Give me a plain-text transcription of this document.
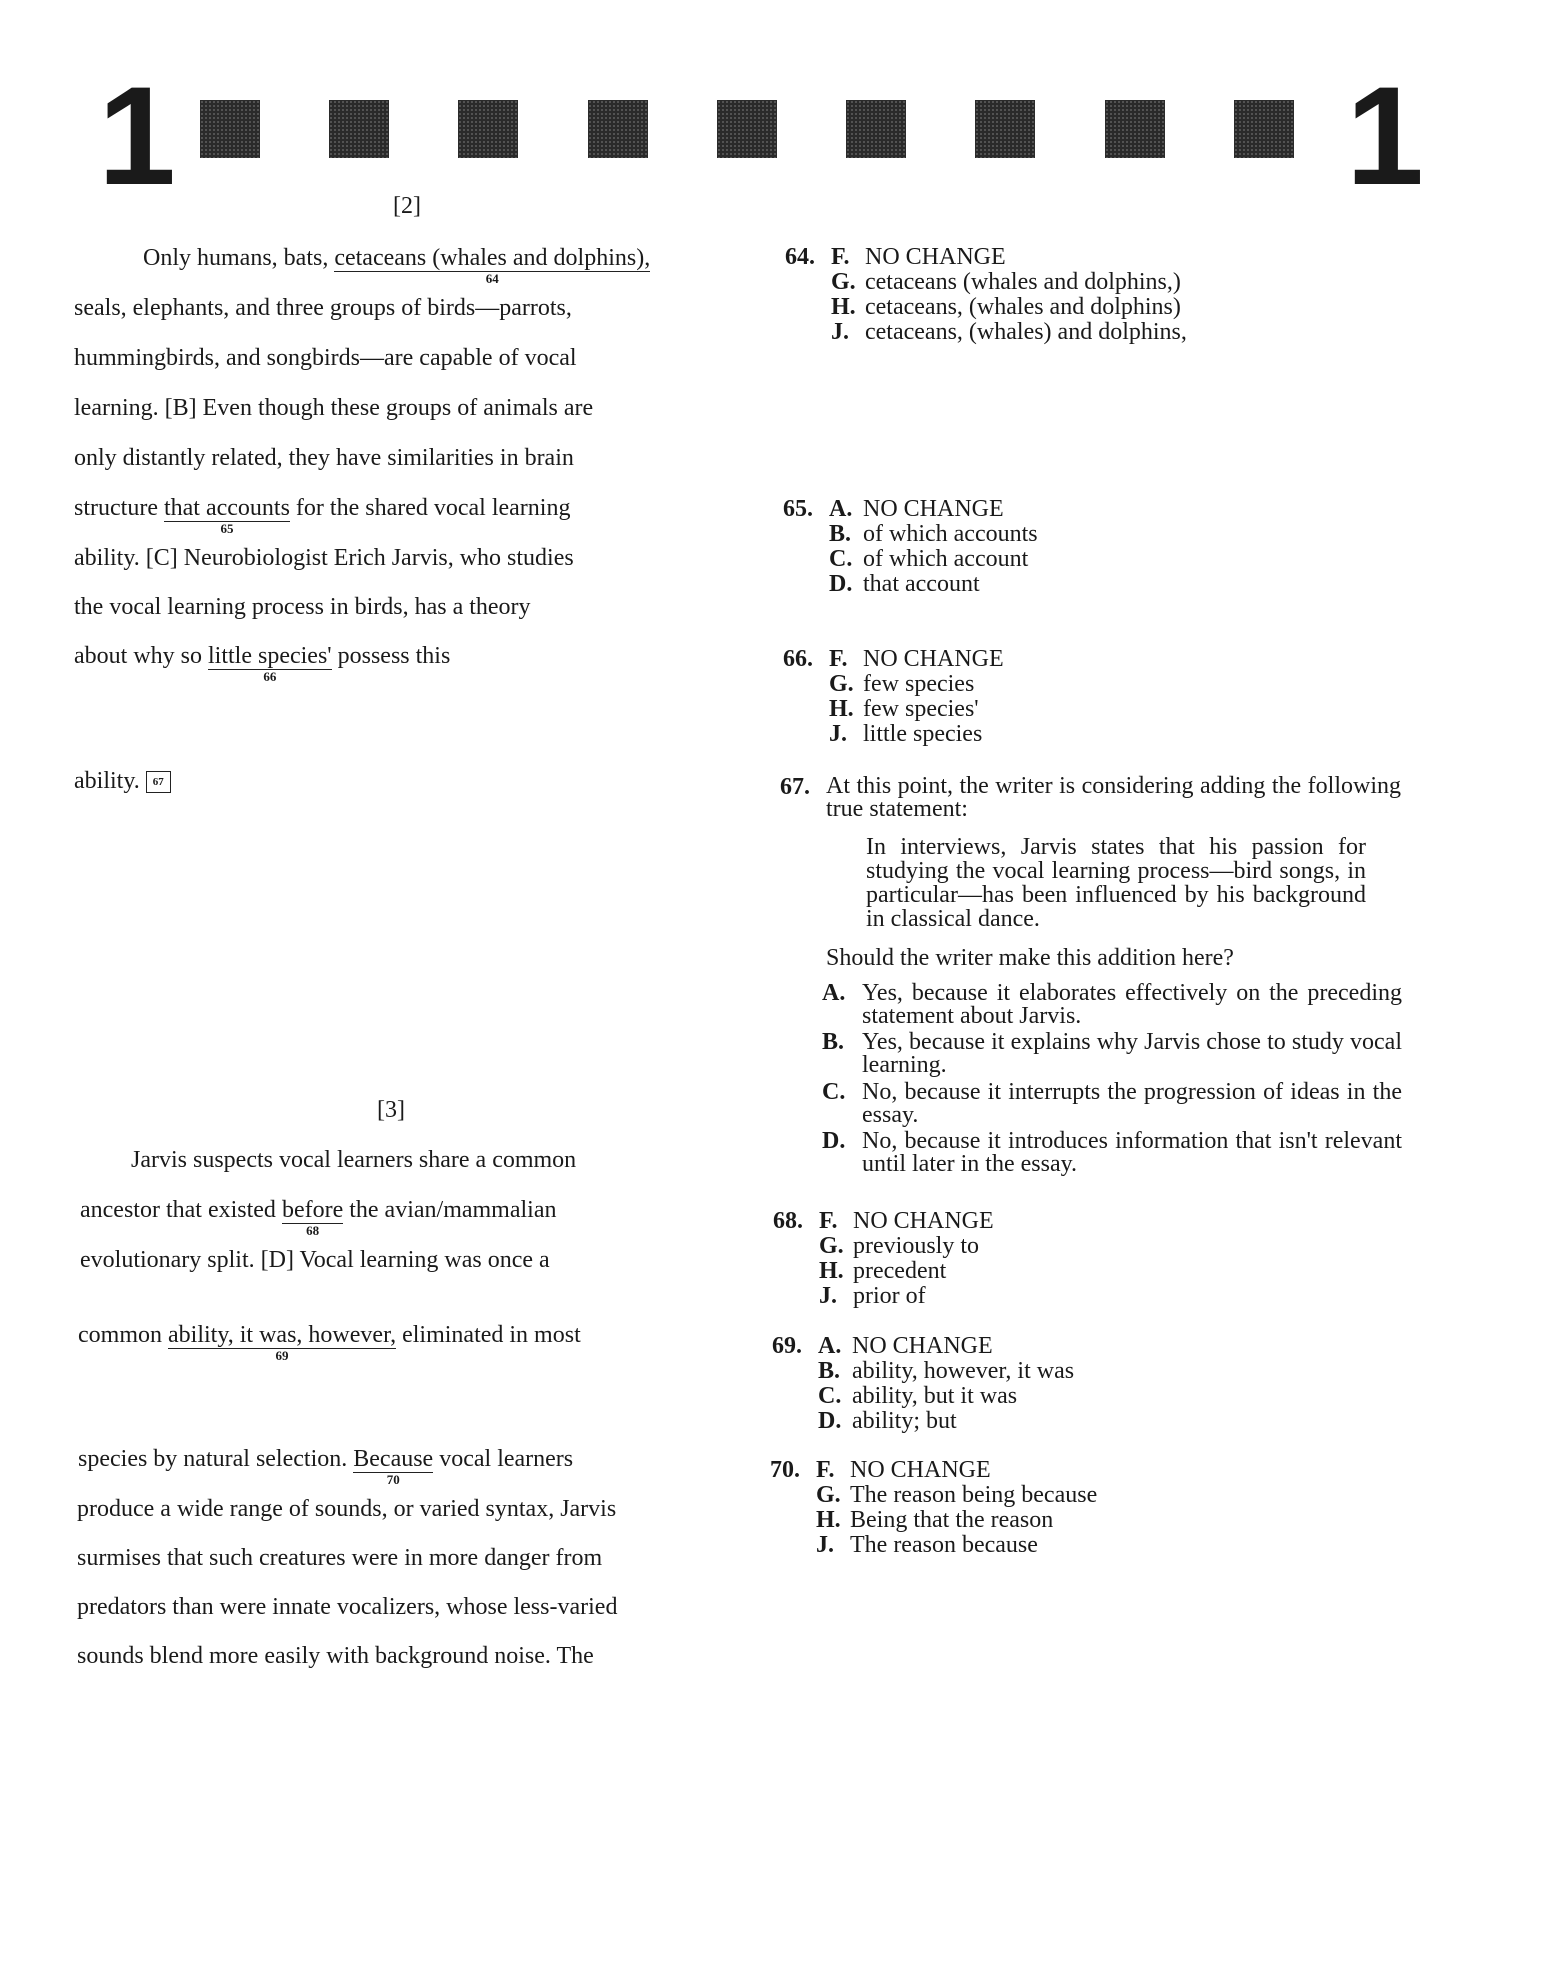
1	1
[2]
Only humans, bats, cetaceans (whales and dolphins),
64
seals, elephants, and three groups of birds—parrots,
hummingbirds, and songbirds—are capable of vocal
learning. [B] Even though these groups of animals are
only distantly related, they have similarities in brain
structure that accounts
65
for the shared vocal learning
ability. [C] Neurobiologist Erich Jarvis, who studies
the vocal learning process in birds, has a theory
about why so little species'
66
possess this
ability. 67
[3]
Jarvis suspects vocal learners share a common
ancestor that existed before
68
the avian/mammalian
evolutionary split. [D] Vocal learning was once a
common ability, it was, however,
69
eliminated in most
species by natural selection. Because
70
vocal learners
produce a wide range of sounds, or varied syntax, Jarvis
surmises that such creatures were in more danger from
predators than were innate vocalizers, whose less-varied
sounds blend more easily with background noise. The
64. F. NO CHANGE
G. cetaceans (whales and dolphins,)
H. cetaceans, (whales and dolphins)
J. cetaceans, (whales) and dolphins,
65. A. NO CHANGE
B. of which accounts
C. of which account
D. that account
66. F. NO CHANGE
G. few species
H. few species'
J. little species
67. At this point, the writer is considering adding the following true statement:
In interviews, Jarvis states that his passion for studying the vocal learning process—bird songs, in particular—has been influenced by his background in classical dance.
Should the writer make this addition here?
A. Yes, because it elaborates effectively on the preceding statement about Jarvis.
B. Yes, because it explains why Jarvis chose to study vocal learning.
C. No, because it interrupts the progression of ideas in the essay.
D. No, because it introduces information that isn't relevant until later in the essay.
68. F. NO CHANGE
G. previously to
H. precedent
J. prior of
69. A. NO CHANGE
B. ability, however, it was
C. ability, but it was
D. ability; but
70. F. NO CHANGE
G. The reason being because
H. Being that the reason
J. The reason because
